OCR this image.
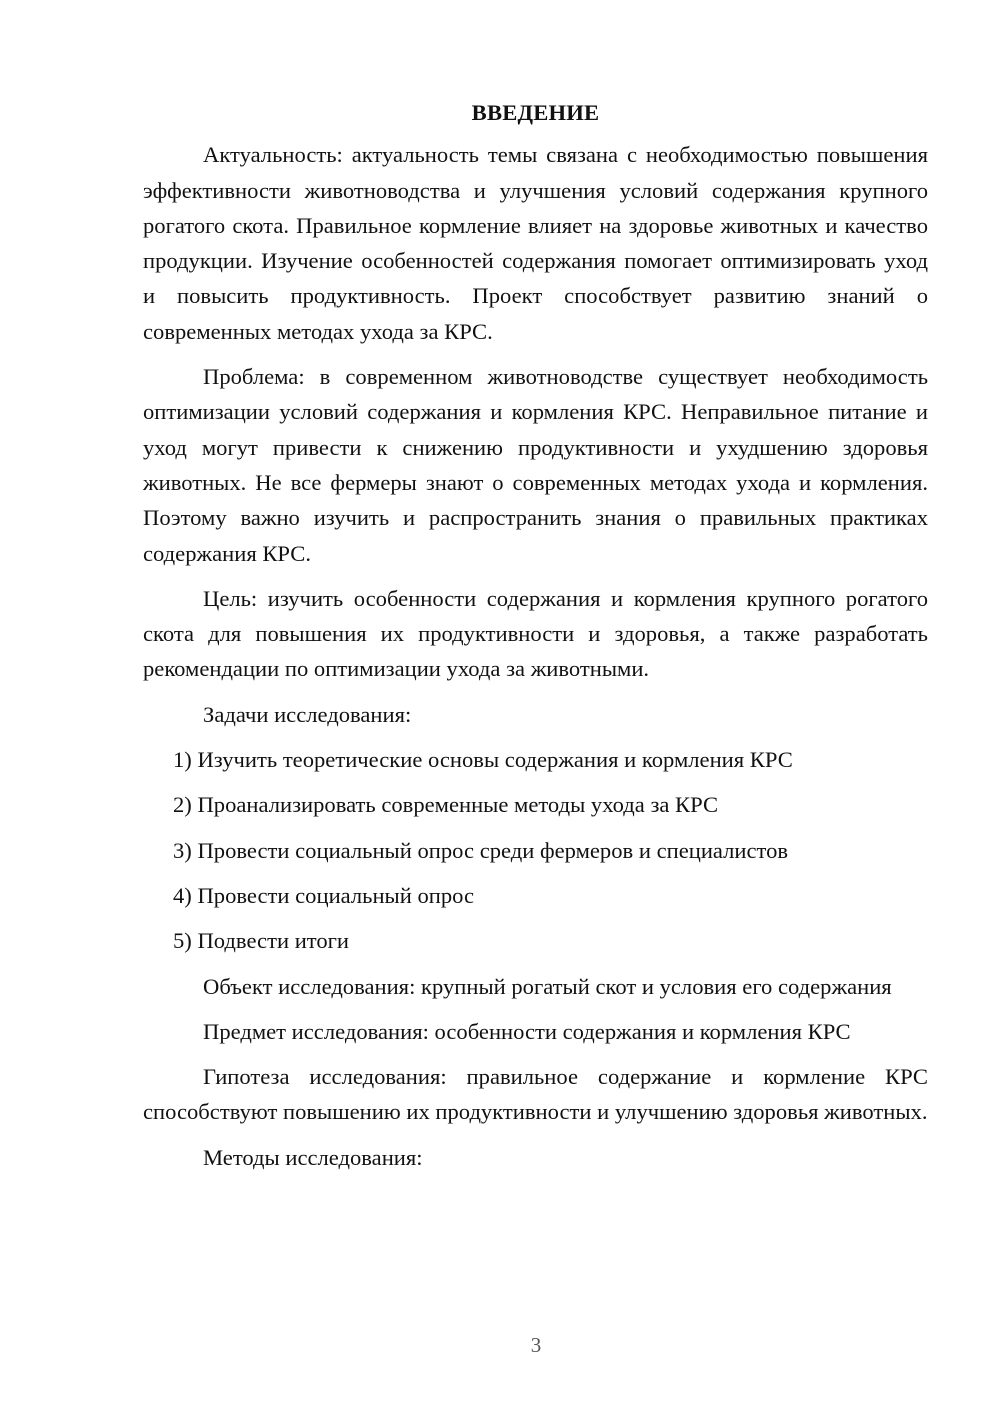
ВВЕДЕНИЕ

Актуальность: актуальность темы связана с необходимостью повышения эффективности животноводства и улучшения условий содержания крупного рогатого скота. Правильное кормление влияет на здоровье животных и качество продукции. Изучение особенностей содержания помогает оптимизировать уход и повысить продуктивность. Проект способствует развитию знаний о современных методах ухода за КРС.

Проблема: в современном животноводстве существует необходимость оптимизации условий содержания и кормления КРС. Неправильное питание и уход могут привести к снижению продуктивности и ухудшению здоровья животных. Не все фермеры знают о современных методах ухода и кормления. Поэтому важно изучить и распространить знания о правильных практиках содержания КРС.

Цель: изучить особенности содержания и кормления крупного рогатого скота для повышения их продуктивности и здоровья, а также разработать рекомендации по оптимизации ухода за животными.

Задачи исследования:

1) Изучить теоретические основы содержания и кормления КРС

2) Проанализировать современные методы ухода за КРС

3) Провести социальный опрос среди фермеров и специалистов

4) Провести социальный опрос

5) Подвести итоги

Объект исследования: крупный рогатый скот и условия его содержания

Предмет исследования: особенности содержания и кормления КРС

Гипотеза исследования: правильное содержание и кормление КРС способствуют повышению их продуктивности и улучшению здоровья животных.

Методы исследования:

3
